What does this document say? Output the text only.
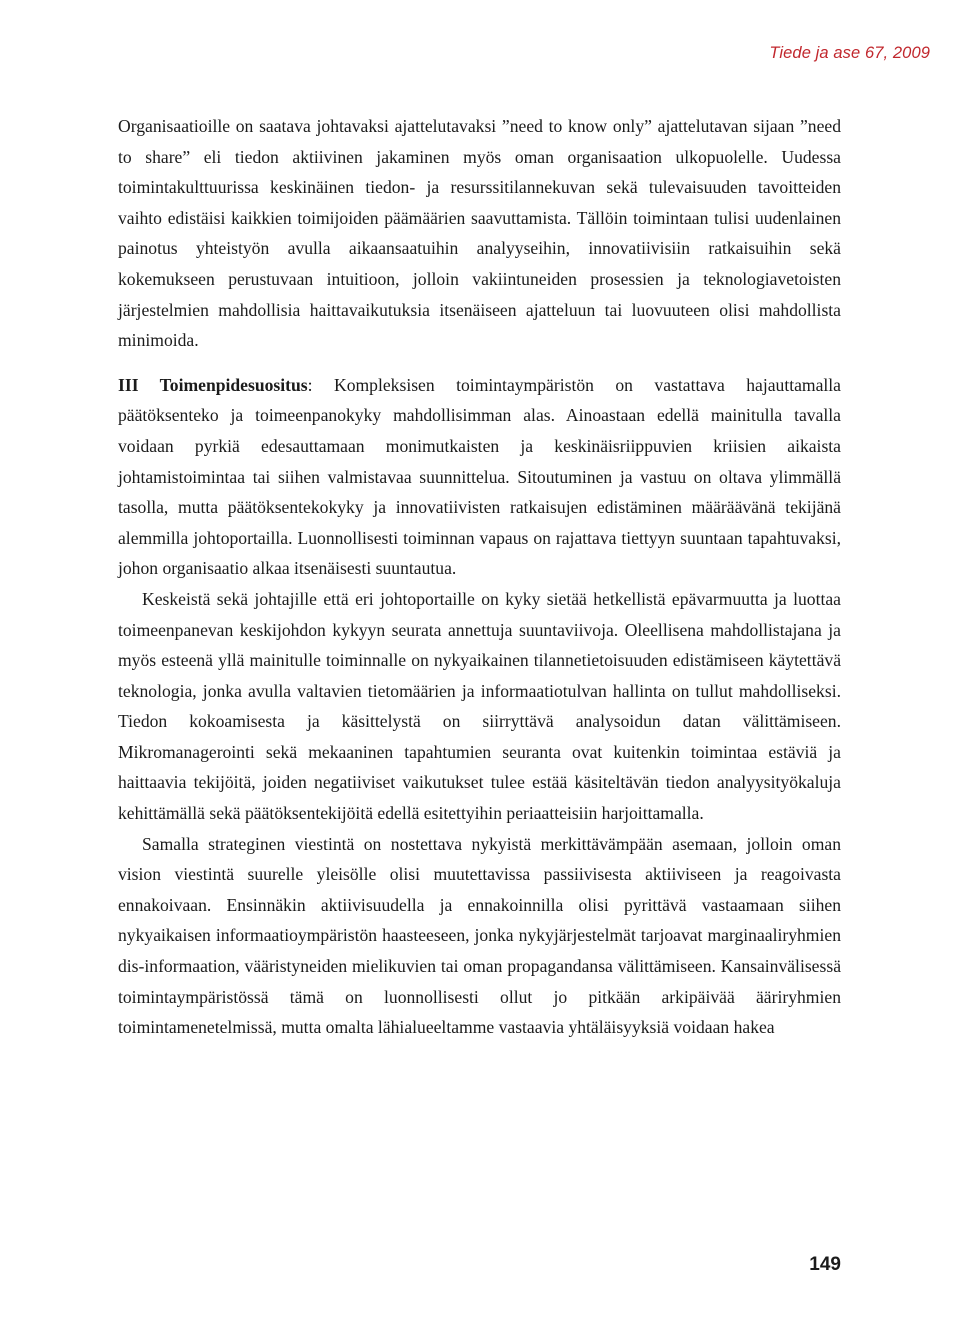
Tiede ja ase 67, 2009

Organisaatioille on saatava johtavaksi ajattelutavaksi ”need to know only” ajattelutavan sijaan ”need to share” eli tiedon aktiivinen jakaminen myös oman organisaation ulkopuolelle. Uudessa toimintakulttuurissa keskinäinen tiedon- ja resurssitilannekuvan sekä tulevaisuuden tavoitteiden vaihto edistäisi kaikkien toimijoiden päämäärien saavuttamista. Tällöin toimintaan tulisi uudenlainen painotus yhteistyön avulla aikaansaatuihin analyyseihin, innovatiivisiin ratkaisuihin sekä kokemukseen perustuvaan intuitioon, jolloin vakiintuneiden prosessien ja teknologiavetoisten järjestelmien mahdollisia haittavaikutuksia itsenäiseen ajatteluun tai luovuuteen olisi mahdollista minimoida.

III Toimenpidesuositus: Kompleksisen toimintaympäristön on vastattava hajauttamalla päätöksenteko ja toimeenpanokyky mahdollisimman alas. Ainoastaan edellä mainitulla tavalla voidaan pyrkiä edesauttamaan monimutkaisten ja keskinäisriippuvien kriisien aikaista johtamistoimintaa tai siihen valmistavaa suunnittelua. Sitoutuminen ja vastuu on oltava ylimmällä tasolla, mutta päätöksentekokyky ja innovatiivisten ratkaisujen edistäminen määräävänä tekijänä alemmilla johtoportailla. Luonnollisesti toiminnan vapaus on rajattava tiettyyn suuntaan tapahtuvaksi, johon organisaatio alkaa itsenäisesti suuntautua.

Keskeistä sekä johtajille että eri johtoportaille on kyky sietää hetkellistä epävarmuutta ja luottaa toimeenpanevan keskijohdon kykyyn seurata annettuja suuntaviivoja. Oleellisena mahdollistajana ja myös esteenä yllä mainitulle toiminnalle on nykyaikainen tilannetietoisuuden edistämiseen käytettävä teknologia, jonka avulla valtavien tietomäärien ja informaatiotulvan hallinta on tullut mahdolliseksi. Tiedon kokoamisesta ja käsittelystä on siirryttävä analysoidun datan välittämiseen. Mikromanagerointi sekä mekaaninen tapahtumien seuranta ovat kuitenkin toimintaa estäviä ja haittaavia tekijöitä, joiden negatiiviset vaikutukset tulee estää käsiteltävän tiedon analyysityökaluja kehittämällä sekä päätöksentekijöitä edellä esitettyihin periaatteisiin harjoittamalla.

Samalla strateginen viestintä on nostettava nykyistä merkittävämpään asemaan, jolloin oman vision viestintä suurelle yleisölle olisi muutettavissa passiivisesta aktiiviseen ja reagoivasta ennakoivaan. Ensinnäkin aktiivisuudella ja ennakoinnilla olisi pyrittävä vastaamaan siihen nykyaikaisen informaatioympäristön haasteeseen, jonka nykyjärjestelmät tarjoavat marginaaliryhmien dis-informaation, vääristyneiden mielikuvien tai oman propagandansa välittämiseen. Kansainvälisessä toimintaympäristössä tämä on luonnollisesti ollut jo pitkään arkipäivää ääriryhmien toimintamenetelmissä, mutta omalta lähialueeltamme vastaavia yhtäläisyyksiä voidaan hakea

149
